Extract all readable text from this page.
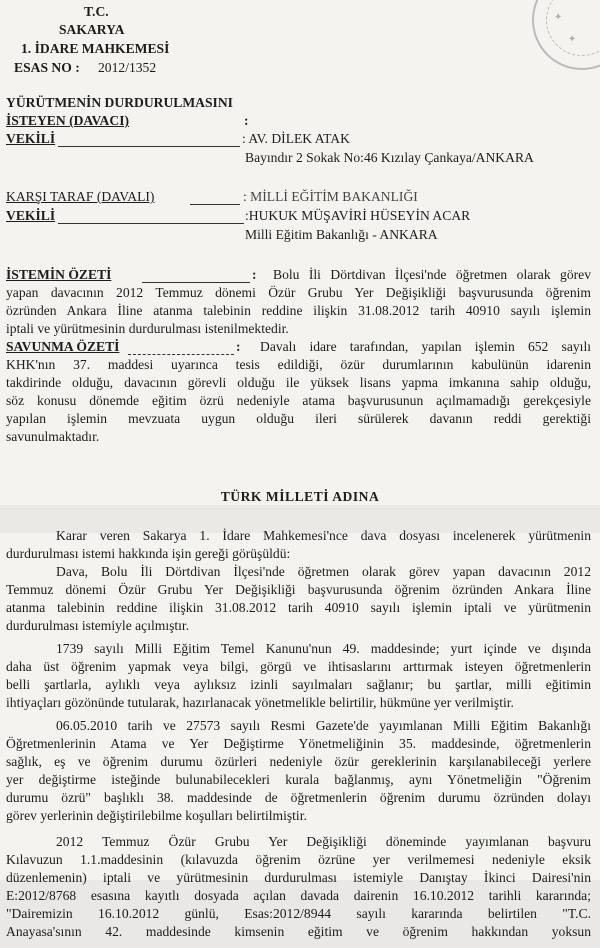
✦
✦
T.C.
SAKARYA
1. İDARE MAHKEMESİ
ESAS NO : 2012/1352
YÜRÜTMENİN DURDURULMASINI
İSTEYEN (DAVACI)	:
VEKİLİ	: AV. DİLEK ATAK
Bayındır 2 Sokak No:46 Kızılay Çankaya/ANKARA
KARŞI TARAF (DAVALI)	: MİLLİ EĞİTİM BAKANLIĞI
VEKİLİ	:HUKUK MÜŞAVİRİ HÜSEYİN ACAR
Milli Eğitim Bakanlığı - ANKARA
İSTEMİN ÖZETİ	: Bolu İli Dörtdivan İlçesi'nde öğretmen olarak görev
yapan davacının 2012 Temmuz dönemi Özür Grubu Yer Değişikliği başvurusunda öğrenim
özründen Ankara İline atanma talebinin reddine ilişkin 31.08.2012 tarih 40910 sayılı işlemin
iptali ve yürütmesinin durdurulması istenilmektedir.
SAVUNMA ÖZETİ	: Davalı idare tarafından, yapılan işlemin 652 sayılı
KHK'nın 37. maddesi uyarınca tesis edildiği, özür durumlarının kabulünün idarenin
takdirinde olduğu, davacının görevli olduğu ile yüksek lisans yapma imkanına sahip olduğu,
söz konusu dönemde eğitim özrü nedeniyle atama başvurusunun açılmamadığı gerekçesiyle
yapılan işlemin mevzuata uygun olduğu ileri sürülerek davanın reddi gerektiği
savunulmaktadır.
TÜRK MİLLETİ ADINA
Karar veren Sakarya 1. İdare Mahkemesi'nce dava dosyası incelenerek yürütmenin
durdurulması istemi hakkında işin gereği görüşüldü:
Dava, Bolu İli Dörtdivan İlçesi'nde öğretmen olarak görev yapan davacının 2012
Temmuz dönemi Özür Grubu Yer Değişikliği başvurusunda öğrenim özründen Ankara İline
atanma talebinin reddine ilişkin 31.08.2012 tarih 40910 sayılı işlemin iptali ve yürütmenin
durdurulması istemiyle açılmıştır.
1739 sayılı Milli Eğitim Temel Kanunu'nun 49. maddesinde; yurt içinde ve dışında
daha üst öğrenim yapmak veya bilgi, görgü ve ihtisaslarını arttırmak isteyen öğretmenlerin
belli şartlarla, aylıklı veya aylıksız izinli sayılmaları sağlanır; bu şartlar, milli eğitimin
ihtiyaçları gözönünde tutularak, hazırlanacak yönetmelikle belirtilir, hükmüne yer verilmiştir.
06.05.2010 tarih ve 27573 sayılı Resmi Gazete'de yayımlanan Milli Eğitim Bakanlığı
Öğretmenlerinin Atama ve Yer Değiştirme Yönetmeliğinin 35. maddesinde, öğretmenlerin
sağlık, eş ve öğrenim durumu özürleri nedeniyle özür gereklerinin karşılanabileceği yerlere
yer değiştirme isteğinde bulunabilecekleri kurala bağlanmış, aynı Yönetmeliğin "Öğrenim
durumu özrü" başlıklı 38. maddesinde de öğretmenlerin öğrenim durumu özründen dolayı
görev yerlerinin değiştirilebilme koşulları belirtilmiştir.
2012 Temmuz Özür Grubu Yer Değişikliği döneminde yayımlanan başvuru
Kılavuzun 1.1.maddesinin (kılavuzda öğrenim özrüne yer verilmemesi nedeniyle eksik
düzenlemenin) iptali ve yürütmesinin durdurulması istemiyle Danıştay İkinci Dairesi'nin
E:2012/8768 esasına kayıtlı dosyada açılan davada dairenin 16.10.2012 tarihli kararında;
"Dairemizin 16.10.2012 günlü, Esas:2012/8944 sayılı kararında belirtilen "T.C.
Anayasa'sının 42. maddesinde kimsenin eğitim ve öğrenim hakkından yoksun
